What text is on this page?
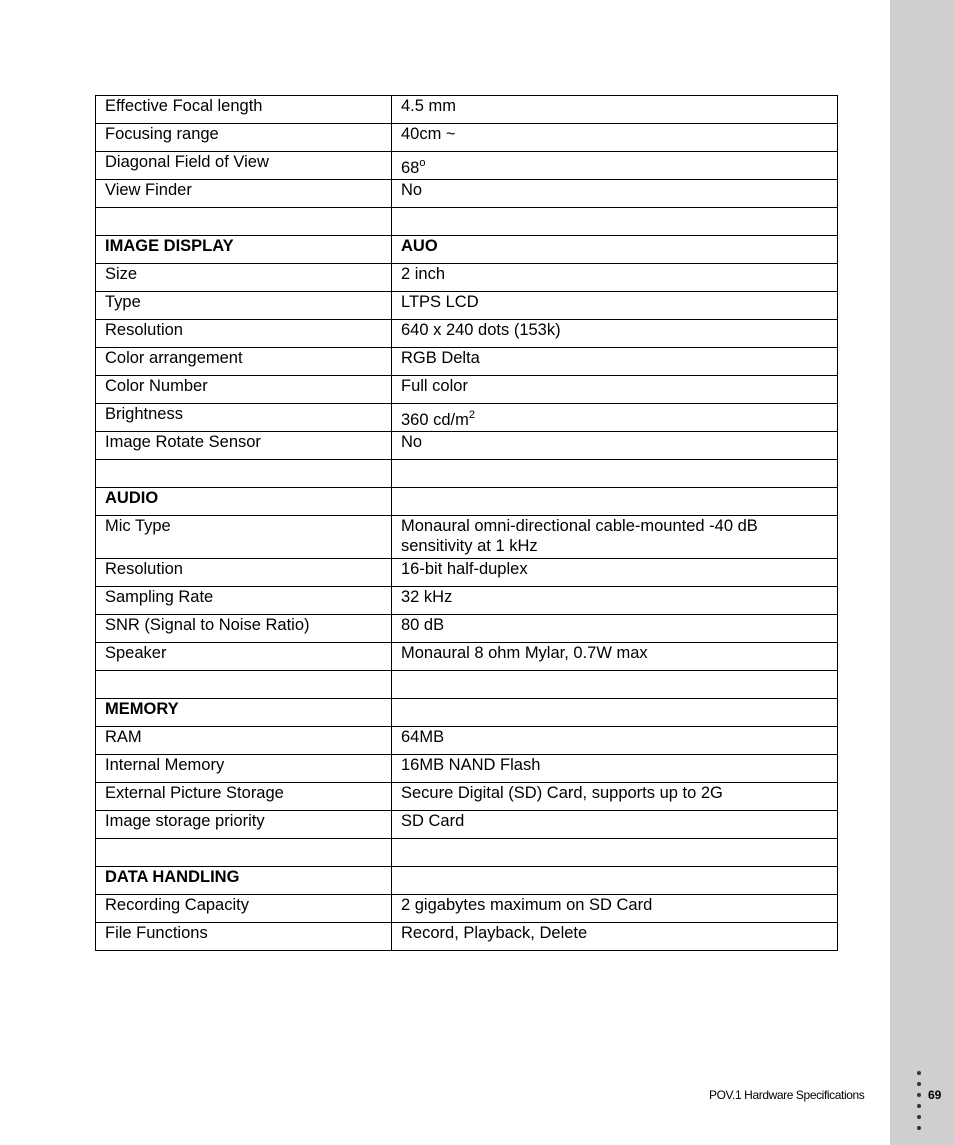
Effective Focal length	4.5 mm
Focusing range	40cm ~
Diagonal Field of View	68$^o$
View Finder	No

IMAGE DISPLAY	AUO
Size	2 inch
Type	LTPS LCD
Resolution	640 x 240 dots (153k)
Color arrangement	RGB Delta
Color Number	Full color
Brightness	360 $cd/m^2$
Image Rotate Sensor	No

AUDIO	
Mic Type	Monaural omni-directional cable-mounted -40 dB sensitivity at 1 kHz
Resolution	16-bit half-duplex
Sampling Rate	32 kHz
SNR (Signal to Noise Ratio)	80 dB
Speaker	Monaural 8 ohm Mylar, 0.7W max

MEMORY	
RAM	64MB
Internal Memory	16MB NAND Flash
External Picture Storage	Secure Digital (SD) Card, supports up to 2G
Image storage priority	SD Card

DATA HANDLING	
Recording Capacity	2 gigabytes maximum on SD Card
File Functions	Record, Playback, Delete
POV.1 Hardware Specifications	69
